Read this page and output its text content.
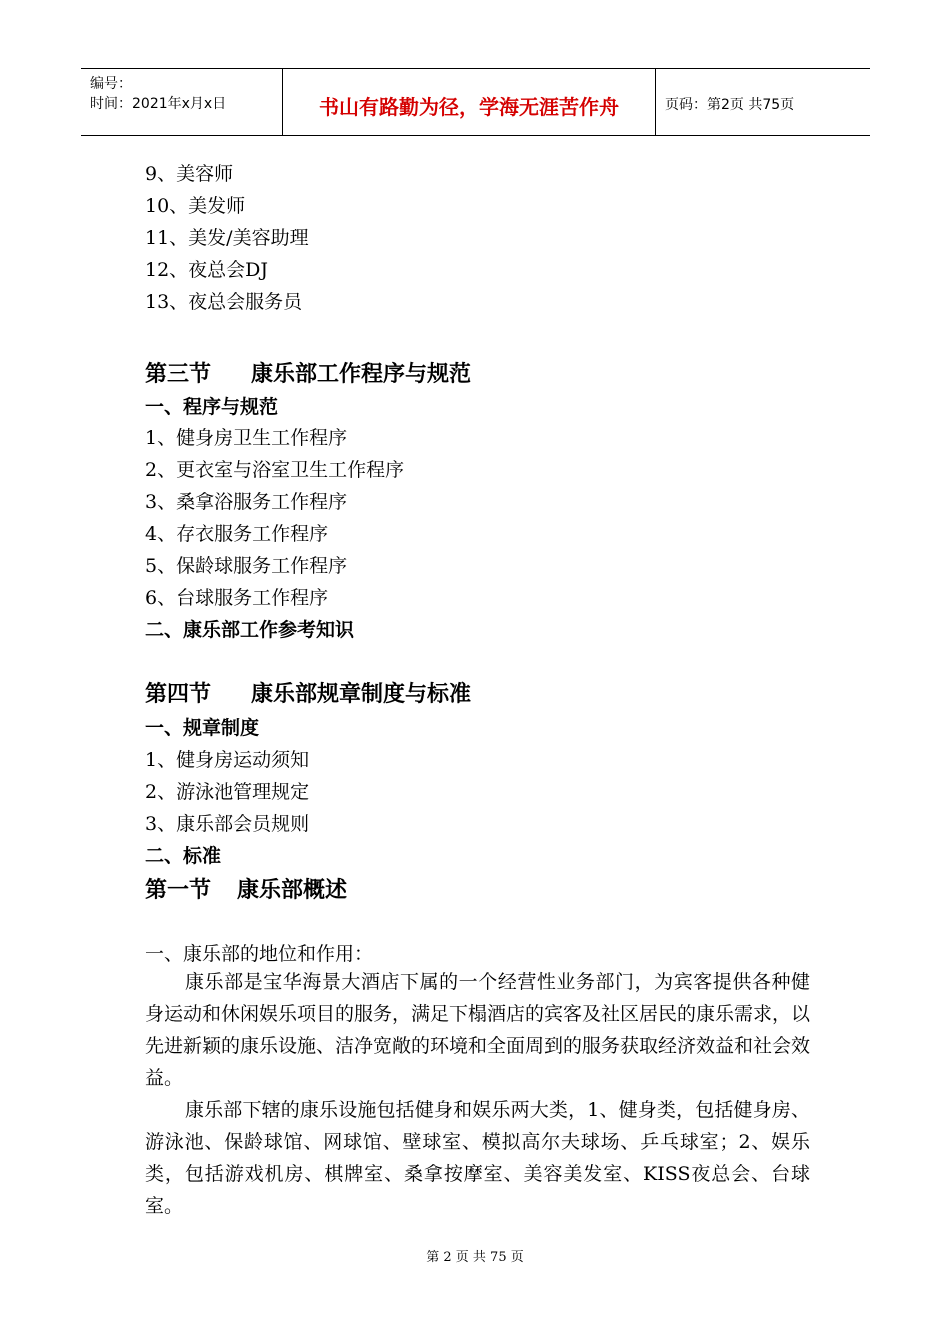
编号：
时间：2021年x月x日	书山有路勤为径，学海无涯苦作舟	页码：第2页 共75页
9、美容师
10、美发师
11、美发/美容助理
12、夜总会DJ
13、夜总会服务员
第三节 康乐部工作程序与规范
一、程序与规范
1、健身房卫生工作程序
2、更衣室与浴室卫生工作程序
3、桑拿浴服务工作程序
4、存衣服务工作程序
5、保龄球服务工作程序
6、台球服务工作程序
二、康乐部工作参考知识
第四节 康乐部规章制度与标准
一、规章制度
1、健身房运动须知
2、游泳池管理规定
3、康乐部会员规则
二、标准
第一节 康乐部概述
一、康乐部的地位和作用：

康乐部是宝华海景大酒店下属的一个经营性业务部门，为宾客提供各种健身运动和休闲娱乐项目的服务，满足下榻酒店的宾客及社区居民的康乐需求，以先进新颖的康乐设施、洁净宽敞的环境和全面周到的服务获取经济效益和社会效益。

康乐部下辖的康乐设施包括健身和娱乐两大类，1、健身类，包括健身房、游泳池、保龄球馆、网球馆、壁球室、模拟高尔夫球场、乒乓球室；2、娱乐类，包括游戏机房、棋牌室、桑拿按摩室、美容美发室、KISS夜总会、台球室。

第 2 页 共 75 页
